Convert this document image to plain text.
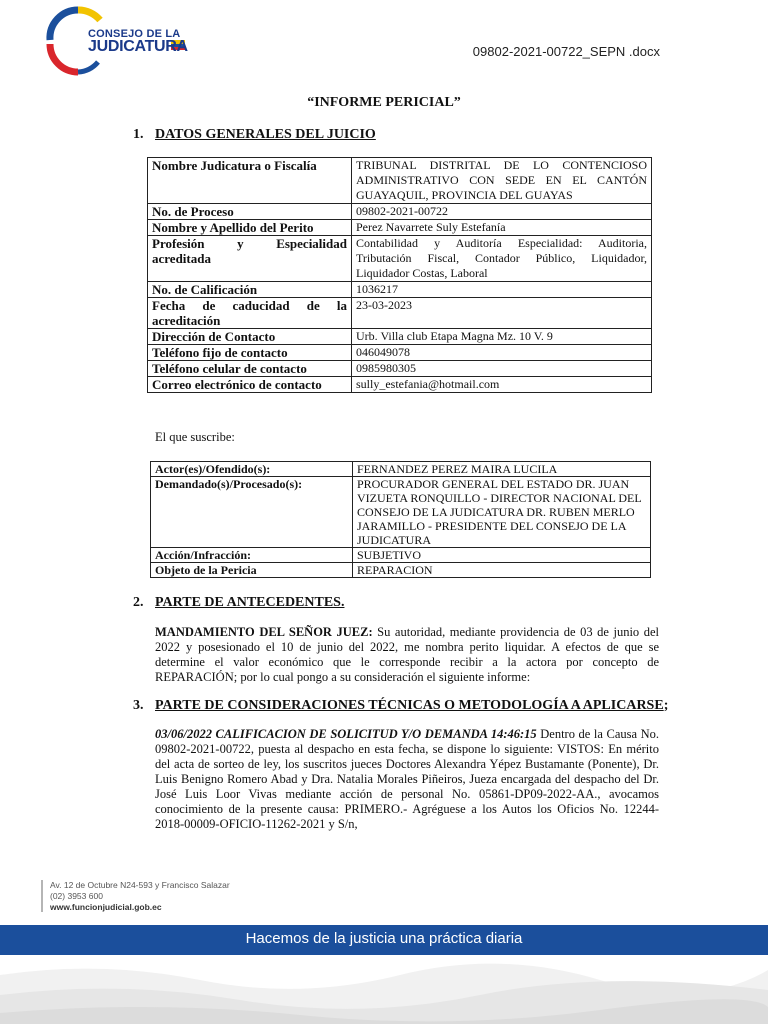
CONSEJO DE LA
JUDICATURA	09802-2021-00722_SEPN .docx
“INFORME PERICIAL”
1. DATOS GENERALES DEL JUICIO
Nombre Judicatura o Fiscalía	TRIBUNAL DISTRITAL DE LO CONTENCIOSO ADMINISTRATIVO CON SEDE EN EL CANTÓN GUAYAQUIL, PROVINCIA DEL GUAYAS
No. de Proceso	09802-2021-00722
Nombre y Apellido del Perito	Perez Navarrete Suly Estefanía
Profesión y Especialidad acreditada	Contabilidad y Auditoría Especialidad: Auditoria, Tributación Fiscal, Contador Público, Liquidador, Liquidador Costas, Laboral
No. de Calificación	1036217
Fecha de caducidad de la acreditación	23-03-2023
Dirección de Contacto	Urb. Villa club Etapa Magna Mz. 10 V. 9
Teléfono fijo de contacto	046049078
Teléfono celular de contacto	0985980305
Correo electrónico de contacto	sully_estefania@hotmail.com
El que suscribe:
Actor(es)/Ofendido(s):	FERNANDEZ PEREZ MAIRA LUCILA
Demandado(s)/Procesado(s):	PROCURADOR GENERAL DEL ESTADO DR. JUAN VIZUETA RONQUILLO - DIRECTOR NACIONAL DEL CONSEJO DE LA JUDICATURA DR. RUBEN MERLO JARAMILLO - PRESIDENTE DEL CONSEJO DE LA JUDICATURA
Acción/Infracción:	SUBJETIVO
Objeto de la Pericia	REPARACION
2. PARTE DE ANTECEDENTES.
MANDAMIENTO DEL SEÑOR JUEZ: Su autoridad, mediante providencia de 03 de junio del 2022 y posesionado el 10 de junio del 2022, me nombra perito liquidar. A efectos de que se determine el valor económico que le corresponde recibir a la actora por concepto de REPARACIÓN; por lo cual pongo a su consideración el siguiente informe:
3. PARTE DE CONSIDERACIONES TÉCNICAS O METODOLOGÍA A APLICARSE;
03/06/2022 CALIFICACION DE SOLICITUD Y/O DEMANDA 14:46:15 Dentro de la Causa No. 09802-2021-00722, puesta al despacho en esta fecha, se dispone lo siguiente: VISTOS: En mérito del acta de sorteo de ley, los suscritos jueces Doctores Alexandra Yépez Bustamante (Ponente), Dr. Luis Benigno Romero Abad y Dra. Natalia Morales Piñeiros, Jueza encargada del despacho del Dr. José Luis Loor Vivas mediante acción de personal No. 05861-DP09-2022-AA., avocamos conocimiento de la presente causa: PRIMERO.- Agréguese a los Autos los Oficios No. 12244- 2018-00009-OFICIO-11262-2021 y S/n,
Av. 12 de Octubre N24-593 y Francisco Salazar
(02) 3953 600
www.funcionjudicial.gob.ec
Hacemos de la justicia una práctica diaria
